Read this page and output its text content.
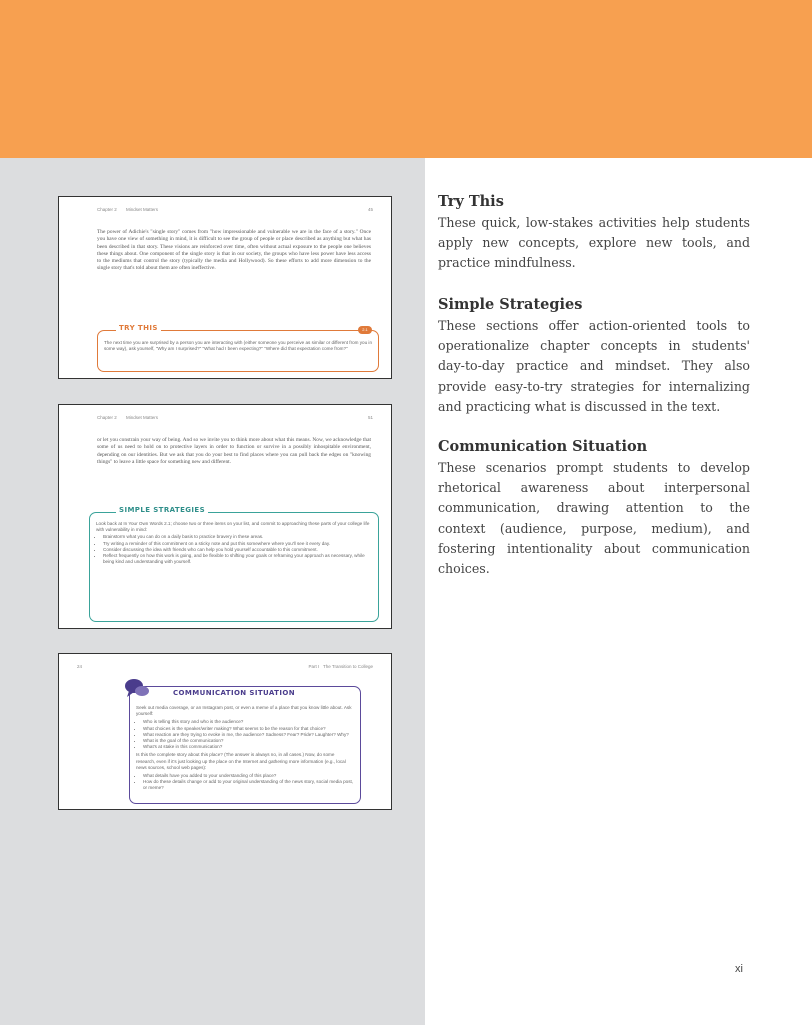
Chapter 2 Mindset Matters	45
The power of Adichie's "single story" comes from "how impressionable and vulnerable we are in the face of a story." Once you have one view of something in mind, it is difficult to see the group of people or place described as anything but what has been described in that story. These visions are reinforced over time, often without actual exposure to the people one believes these things about. One component of the single story is that in our society, the groups who have less power have less access to the mediums that control the story (typically the media and Hollywood). So these efforts to add more dimension to the single story that's told about them are often ineffective.
TRY THIS	2.1
The next time you are surprised by a person you are interacting with (either someone you perceive as similar or different from you in some way), ask yourself, "Why am I surprised?" "What had I been expecting?" "Where did that expectation come from?"
Chapter 2 Mindset Matters	51
or let you constrain your way of being. And so we invite you to think more about what this means. Now, we acknowledge that some of us need to hold on to protective layers in order to function or survive in a possibly inhospitable environment, depending on our identities. But we ask that you do your best to find places where you can pull back the edges on "knowing things" to leave a little space for something new and different.
SIMPLE STRATEGIES
Look back at In Your Own Words 2.1; choose two or three items on your list, and commit to approaching these parts of your college life with vulnerability in mind:
• Brainstorm what you can do on a daily basis to practice bravery in these areas.
• Try writing a reminder of this commitment on a sticky note and put this somewhere where you'll see it every day.
• Consider discussing the idea with friends who can help you hold yourself accountable to this commitment.
• Reflect frequently on how this work is going, and be flexible to shifting your goals or reframing your approach as necessary, while being kind and understanding with yourself.
24	Part I The Transition to College
COMMUNICATION SITUATION
Seek out media coverage, or an Instagram post, or even a meme of a place that you know little about. Ask yourself:
• Who is telling this story and who is the audience?
• What choices is the speaker/writer making? What seems to be the reason for that choice?
• What reaction are they trying to evoke in me, the audience? Sadness? Fear? Pride? Laughter? Why?
• What is the goal of the communication?
• What's at stake in this communication?
Is this the complete story about this place? (The answer is always no, in all cases.) Now, do some research, even if it's just looking up the place on the Internet and gathering more information (e.g., local news sources, school web pages):
• What details have you added to your understanding of this place?
• How do these details change or add to your original understanding of the news story, social media post, or meme?
Try This

These quick, low-stakes activities help students apply new concepts, explore new tools, and practice mindfulness.

Simple Strategies

These sections offer action-oriented tools to operationalize chapter concepts in students' day-to-day practice and mindset. They also provide easy-to-try strategies for internalizing and practicing what is discussed in the text.

Communication Situation

These scenarios prompt students to develop rhetorical awareness about interpersonal communication, drawing attention to the context (audience, purpose, medium), and fostering intentionality about communication choices.

xi
